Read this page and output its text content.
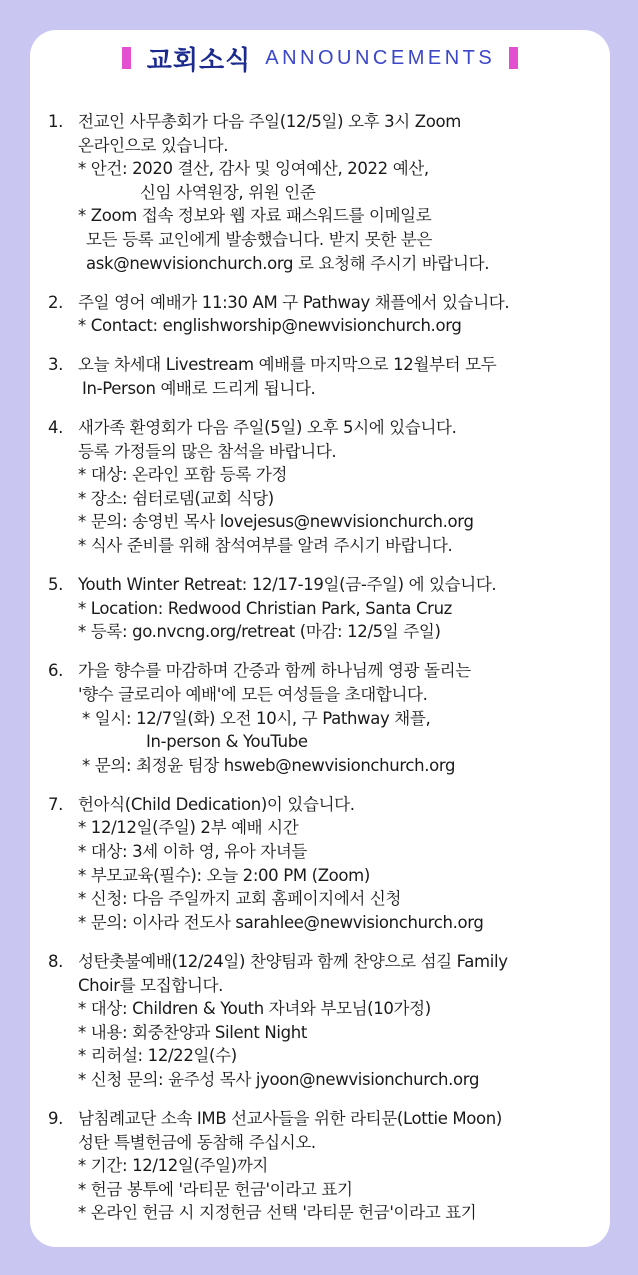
교회소식 ANNOUNCEMENTS
1. 전교인 사무총회가 다음 주일(12/5일) 오후 3시 Zoom
온라인으로 있습니다.
* 안건: 2020 결산, 감사 및 잉여예산, 2022 예산,
신임 사역원장, 위원 인준
* Zoom 접속 정보와 웹 자료 패스워드를 이메일로
모든 등록 교인에게 발송했습니다. 받지 못한 분은
ask@newvisionchurch.org 로 요청해 주시기 바랍니다.
2. 주일 영어 예배가 11:30 AM 구 Pathway 채플에서 있습니다.
* Contact: englishworship@newvisionchurch.org
3. 오늘 차세대 Livestream 예배를 마지막으로 12월부터 모두
In-Person 예배로 드리게 됩니다.
4. 새가족 환영회가 다음 주일(5일) 오후 5시에 있습니다.
등록 가정들의 많은 참석을 바랍니다.
* 대상: 온라인 포함 등록 가정
* 장소: 쉼터로뎀(교회 식당)
* 문의: 송영빈 목사 lovejesus@newvisionchurch.org
* 식사 준비를 위해 참석여부를 알려 주시기 바랍니다.
5. Youth Winter Retreat: 12/17-19일(금-주일) 에 있습니다.
* Location: Redwood Christian Park, Santa Cruz
* 등록: go.nvcng.org/retreat (마감: 12/5일 주일)
6. 가을 향수를 마감하며 간증과 함께 하나님께 영광 돌리는
'향수 글로리아 예배'에 모든 여성들을 초대합니다.
* 일시: 12/7일(화) 오전 10시, 구 Pathway 채플,
In-person & YouTube
* 문의: 최정윤 팀장 hsweb@newvisionchurch.org
7. 헌아식(Child Dedication)이 있습니다.
* 12/12일(주일) 2부 예배 시간
* 대상: 3세 이하 영, 유아 자녀들
* 부모교육(필수): 오늘 2:00 PM (Zoom)
* 신청: 다음 주일까지 교회 홈페이지에서 신청
* 문의: 이사라 전도사 sarahlee@newvisionchurch.org
8. 성탄촛불예배(12/24일) 찬양팀과 함께 찬양으로 섬길 Family
Choir를 모집합니다.
* 대상: Children & Youth 자녀와 부모님(10가정)
* 내용: 회중찬양과 Silent Night
* 리허설: 12/22일(수)
* 신청 문의: 윤주성 목사 jyoon@newvisionchurch.org
9. 남침례교단 소속 IMB 선교사들을 위한 라티문(Lottie Moon)
성탄 특별헌금에 동참해 주십시오.
* 기간: 12/12일(주일)까지
* 헌금 봉투에 '라티문 헌금'이라고 표기
* 온라인 헌금 시 지정헌금 선택 '라티문 헌금'이라고 표기
